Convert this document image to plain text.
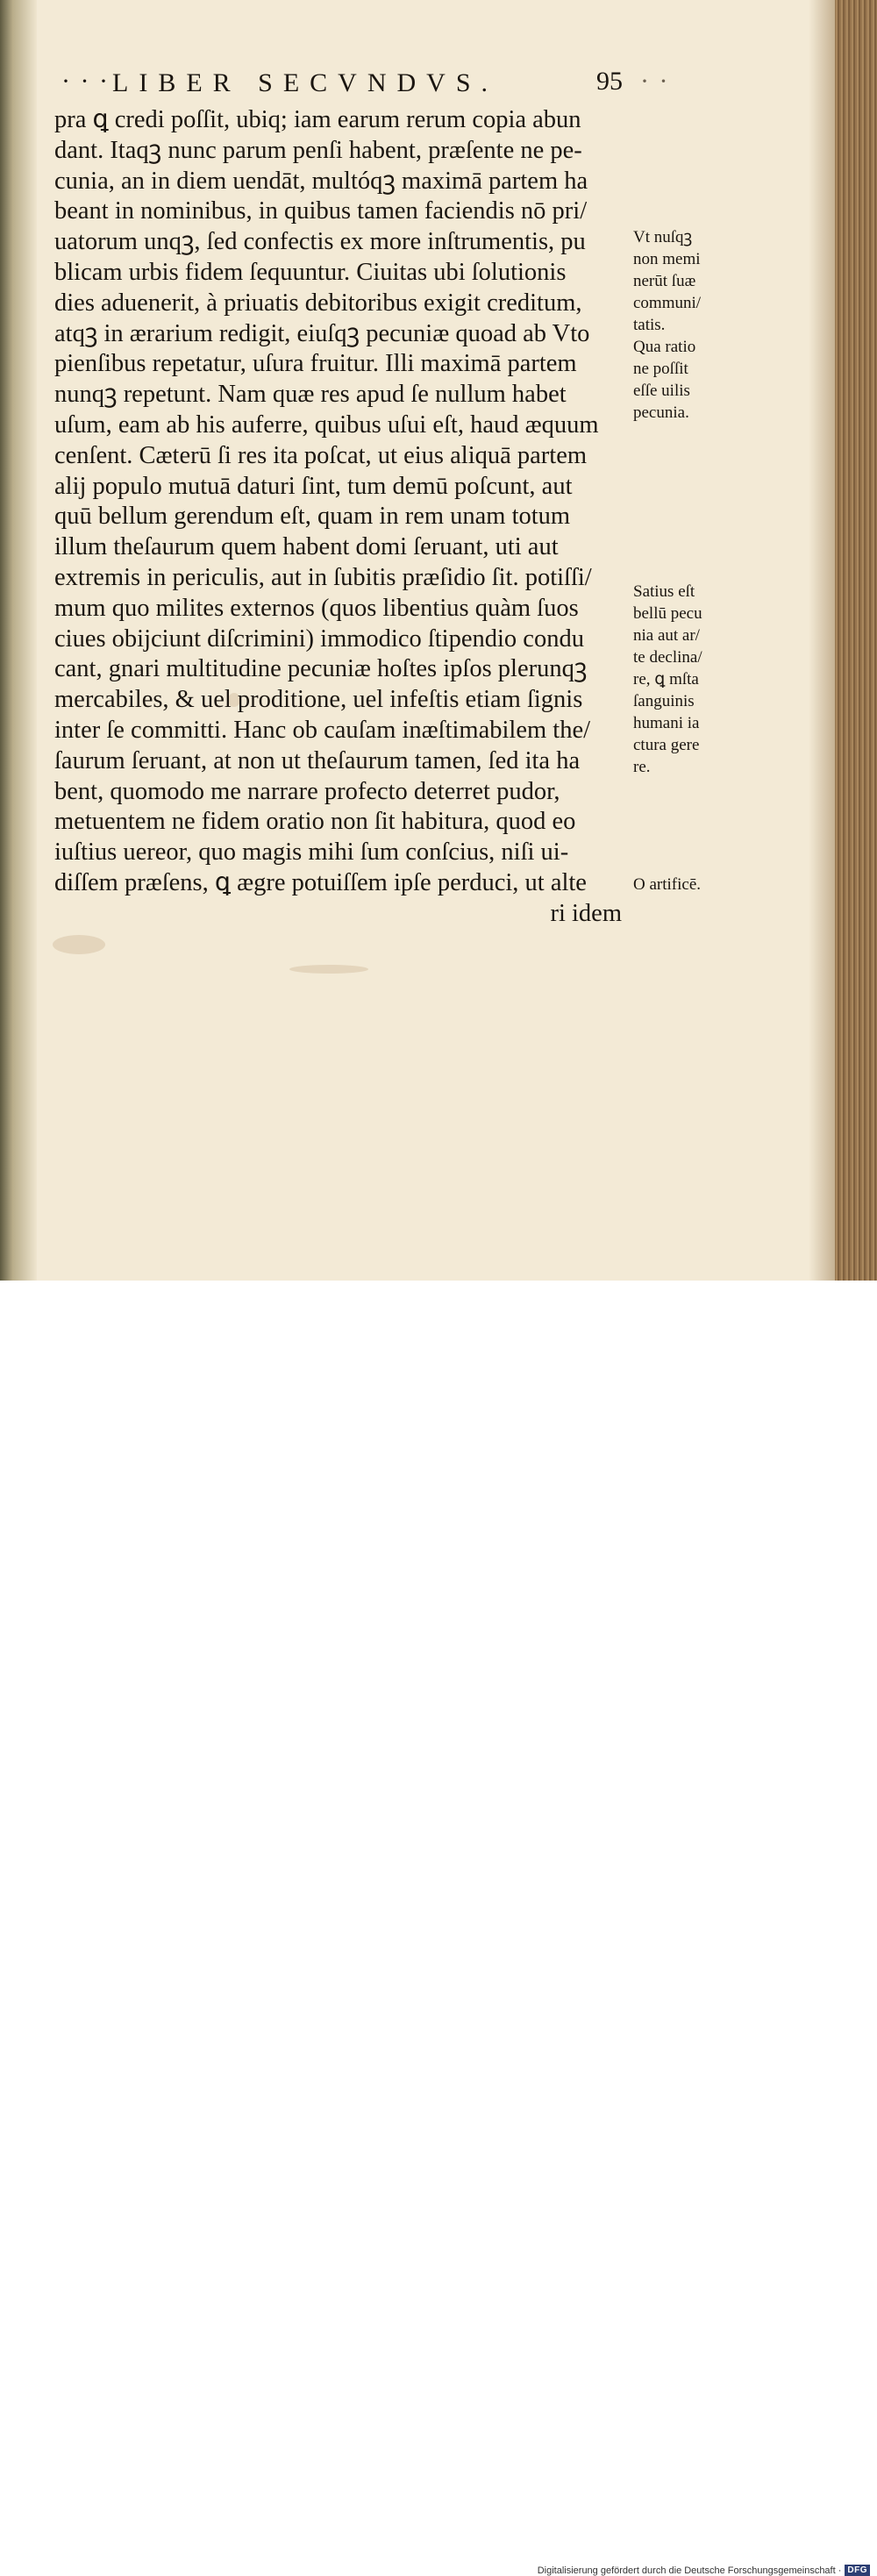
· · · LIBER SECVNDVS.	95 · ·
pra ꝗ credi poſſit, ubiq; iam earum rerum copia abun
dant. Itaqꝫ nunc parum penſi habent, præſente ne pe-
cunia, an in diem uendāt, multóqꝫ maximā partem ha
beant in nominibus, in quibus tamen faciendis nō pri/
uatorum unqꝫ, ſed confectis ex more inſtrumentis, pu
blicam urbis fidem ſequuntur. Ciuitas ubi ſolutionis
dies aduenerit, à priuatis debitoribus exigit creditum,
atqꝫ in ærarium redigit, eiuſqꝫ pecuniæ quoad ab Vto
pienſibus repetatur, uſura fruitur. Illi maximā partem
nunqꝫ repetunt. Nam quæ res apud ſe nullum habet
uſum, eam ab his auferre, quibus uſui eſt, haud æquum
cenſent. Cæterū ſi res ita poſcat, ut eius aliquā partem
alij populo mutuā daturi ſint, tum demū poſcunt, aut
quū bellum gerendum eſt, quam in rem unam totum
illum theſaurum quem habent domi ſeruant, uti aut
extremis in periculis, aut in ſubitis præſidio ſit. potiſſi/
mum quo milites externos (quos libentius quàm ſuos
ciues obijciunt diſcrimini) immodico ſtipendio condu
cant, gnari multitudine pecuniæ hoſtes ipſos plerunqꝫ
mercabiles, & uel proditione, uel infeſtis etiam ſignis
inter ſe committi. Hanc ob cauſam inæſtimabilem the/
ſaurum ſeruant, at non ut theſaurum tamen, ſed ita ha
bent, quomodo me narrare profecto deterret pudor,
metuentem ne fidem oratio non ſit habitura, quod eo
iuſtius uereor, quo magis mihi ſum conſcius, niſi ui-
diſſem præſens, ꝗ ægre potuiſſem ipſe perduci, ut alte
ri idem
Vt nuſqꝫ
non memi
nerūt ſuæ
communi/
tatis.
Qua ratio
ne poſſit
eſſe uilis
pecunia.
Satius eſt
bellū pecu
nia aut ar/
te declina/
re, ꝗ mſta
ſanguinis
humani ia
ctura gere
re.
O artificē.
Digitalisierung gefördert durch die Deutsche Forschungsgemeinschaft · DFG
